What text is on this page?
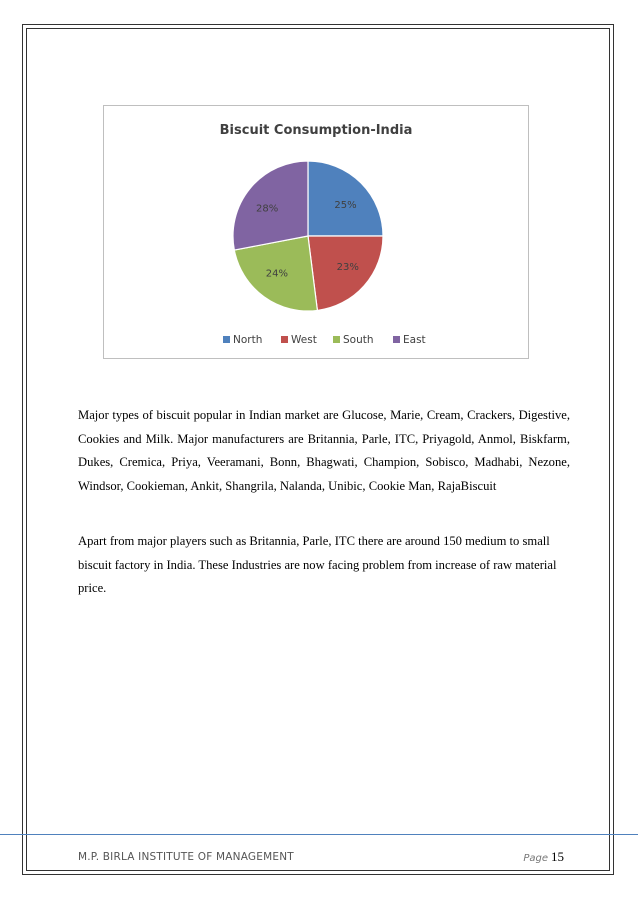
Biscuit Consumption-India
25%
23%
24%
28%
North	West South	East

Major types of biscuit popular in Indian market are Glucose, Marie, Cream, Crackers, Digestive, Cookies and Milk. Major manufacturers are Britannia, Parle, ITC, Priyagold, Anmol, Biskfarm, Dukes, Cremica, Priya, Veeramani, Bonn, Bhagwati, Champion, Sobisco, Madhabi, Nezone, Windsor, Cookieman, Ankit, Shangrila, Nalanda, Unibic, Cookie Man, RajaBiscuit

Apart from major players such as Britannia, Parle, ITC there are around 150 medium to small biscuit factory in India. These Industries are now facing problem from increase of raw material price.

M.P. BIRLA INSTITUTE OF MANAGEMENT	Page 15
